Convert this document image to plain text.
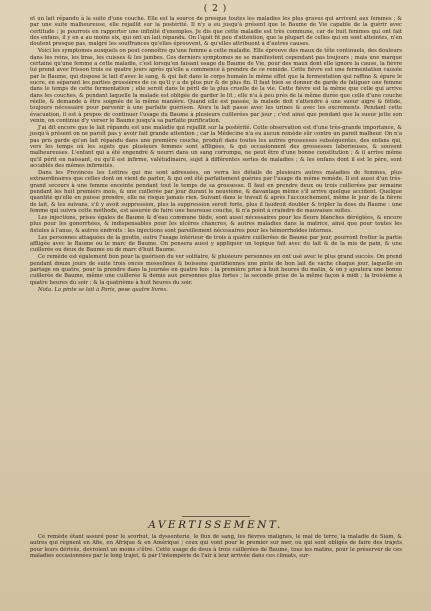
( 2 )

et un lait répandu à la suite d'une couche. Elle est la source de presque toutes les maladies les plus graves qui arrivent aux femmes ; & par une suite malheureuse, elle rejaillit sur la postérité. Il n'y a eu jusqu'à présent que le Baume de Vie capable de la guérir avec certitude ; je pourrois en rapporter une infinité d'exemples. Je dis que cette maladie est très commune, car de huit femmes qui ont fait des enfans, il y en a au moins six, qui ont un lait répandu. On l'ajoit fit peu d'attention, que la plupart de celles qui en sont atteintes, n'en doutent presque pas, malgré les souffrances qu'elles éprouvent, & qu'elles attribuent à d'autres causes.

Voici les symptomes auxquels on peut connoître qu'une femme a cette maladie. Elle éprouve des maux de tête continuels, des douleurs dans les reins, les bras, les cuisses & les jambes. Ces derniers symptomes ne se manifestent cependant pas toujours ; mais une marque certaine qu'une femme a cette maladie, c'est lorsqu'en faisant usage du Baume de Vie, pour des maux dont elle ignore la cause, la fièvre lui prend avec frisson trois ou quatre jours après qu'elle a commencé à prendre de ce remède. Cette fièvre est une fermentation causée par le Baume, qui dispose le lait d'avec le sang, & qui fait dans le corps humain le même effet que la fermentation qui raffine & épure le sucre, en séparant les parties grossières de ce qu'il y a de plus pur & de plus fin. Il faut bien se donner de garde de fatiguer une femme dans le temps de cette fermentation ; elle seroit dans le péril de la plus cruelle de la vie. Cette fièvre est la même que celle qui arrive dans les couches, & pendant laquelle la malade est obligée de garder le lit ; elle n'a à peu près de la même durée que celle d'une couche réelle, & demande à être soignée de la même manière. Quand elle est passée, la malade doit s'attendre à une sueur aigre & fétide, toujours nécessaire pour parvenir à une parfaite guérison. Alors le lait passe avec les urines & avec les excréments. Pendant cette évacuation, il est à propos de continuer l'usage du Baume à plusieurs cuillerées par jour ; c'est ainsi que pendant que la sueur jette son venin, on continue d'y verser le Baume jusqu'à sa parfaite purification.

J'ai dit encore que le lait répandu est une maladie qui rejaillit sur la postérité. Cette observation est d'une très-grande importance, & jusqu'à présent on ne paroît pas y avoir fait grande attention ; car la Médecine n'a eu aucun remède sûr contre un pareil malheur. On n'a pas pris garde qu'un lait répandu dans une première couche, produit dans toutes les autres grossesses subséquentes, des enfans qui, vers les temps où les sujets que plusieurs femmes sont affligées, & qui occasionnent des grossesses laborieuses, & souvent malheureuses. L'enfant qui a été engendré & nourri dans un sang corrompu, ne peut être d'une bonne constitution ; & il arrive même qu'il périt en naissant, ou qu'il est infirme, valétudinaire, sujet à différentes sortes de maladies ; & les enfans dont il est le père, sont accablés des mêmes infirmités.

Dans les Provinces les Lettres qui me sont adressées, on verra les détails de plusieurs autres maladies de femmes, plus extraordinaires que celles dont on vient de parler, & qui ont été parfaitement guéries par l'usage du même remède. Il est aussi d'un très-grand secours à une femme enceinte pendant tout le temps de sa grossesse. Il faut en prendre deux ou trois cuillerées par semaine pendant les huit premiers mois, & une cuillerée par jour durant le neuvième, & davantage même s'il arrive quelque accident. Quelque quantité qu'elle en puisse prendre, elle ne risque jamais rien. Suivant dans le travail & après l'accouchement, même le jour de la fièvre de lait, & les suivans, s'il y avoit suppression, plus la suppression seroit forte, plus il faudroit doubler & tripler la dose du Baume : une femme qui suivra cette méthode, est assurée de faire une heureuse couche, & n'a point à craindre de mauvaises suites.

Les injections, prises égales de Baume & d'eau commune tiède, sont aussi nécessaires pour les fleurs blanches déréglées, & encore plus pour les gonorrhées, & indispensables pour les ulcères chancres, & autres maladies dans la matrice, ainsi que pour toutes les fistules à l'anus, & autres endroits : les injections sont pareillement nécessaires pour les hémorrhoïdes internes.

Les personnes attaquées de la goutte, outre l'usage intérieur de trois à quatre cuillerées de Baume par jour, pourront frotter la partie affligée avec le Baume ou le marc de Baume. On pensera aussi y appliquer un topique fait avec du lait & de la mie de pain, & une cuillerée ou deux de Baume ou de marc d'huit Baume.

Ce remède est également bon pour la guérison du ver solitaire, & plusieurs personnes en ont usé avec le plus grand succès. On prend pendant douze jours de suite trois onces mosselines & boissons quotidiennes une pinte de bon lait de vache chaque jour, laquelle on partage en quatre, pour la prendre dans la journée en quatre fois : la première prise à huit heures du matin, & on y ajoutera une bonne cuillerée de Baume, même une cuillerée & demie aux personnes plus fortes ; la seconde prise de la même façon à midi ; la troisième à quatre heures du soir ; & la quatrième à huit heures du soir.

Nota. La pinte se lait à Paris, pese quatre livres.

AVERTISSEMENT.

Ce remède étant assuré pour le scorbut, la dyssenterie, le flux de sang, les fièvres malignes, le mal de terre, la maladie de Siam, & autres qui règnent en Afie, en Afrique & en Amérique ; ceux qui vont pour le premier sur mer, ou qui sont obligés de faire des trajets pour leurs dérivés, devroient un moins s'être. Cette usage de deux à trois cuillerées de Baume, tous les matins, pour le préserver de ces maladies occasionnées par le long trajet, & par l'intempérie de l'air à leur arrivée dans ces climats, sur-
